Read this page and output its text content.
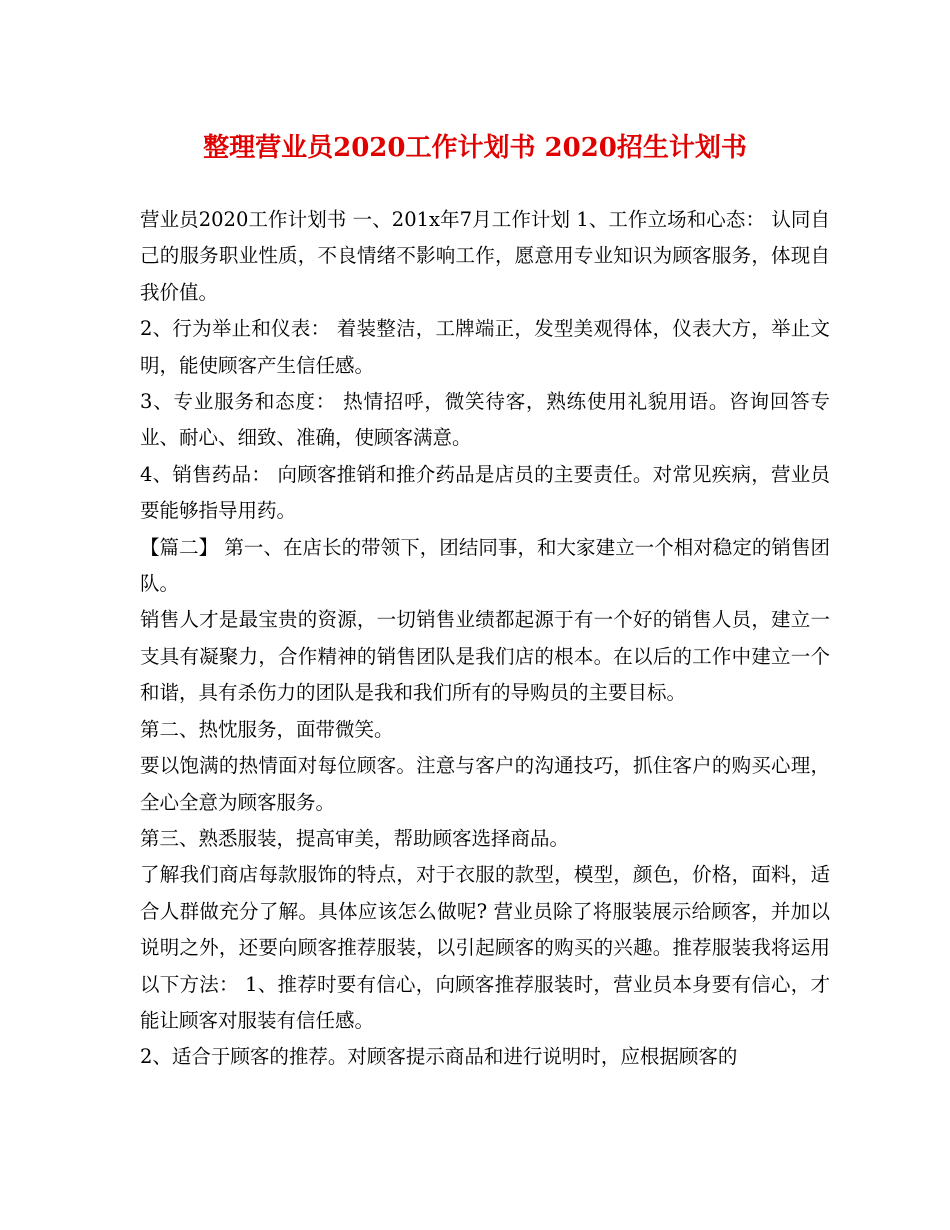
整理营业员2020工作计划书 2020招生计划书

营业员2020工作计划书 一、201x年7月工作计划 1、工作立场和心态： 认同自己的服务职业性质，不良情绪不影响工作，愿意用专业知识为顾客服务，体现自我价值。

2、行为举止和仪表： 着装整洁，工牌端正，发型美观得体，仪表大方，举止文明，能使顾客产生信任感。

3、专业服务和态度： 热情招呼，微笑待客，熟练使用礼貌用语。咨询回答专业、耐心、细致、准确，使顾客满意。

4、销售药品： 向顾客推销和推介药品是店员的主要责任。对常见疾病，营业员要能够指导用药。

【篇二】 第一、在店长的带领下，团结同事，和大家建立一个相对稳定的销售团队。

销售人才是最宝贵的资源，一切销售业绩都起源于有一个好的销售人员，建立一支具有凝聚力，合作精神的销售团队是我们店的根本。在以后的工作中建立一个和谐，具有杀伤力的团队是我和我们所有的导购员的主要目标。

第二、热忱服务，面带微笑。

要以饱满的热情面对每位顾客。注意与客户的沟通技巧，抓住客户的购买心理，全心全意为顾客服务。

第三、熟悉服装，提高审美，帮助顾客选择商品。

了解我们商店每款服饰的特点，对于衣服的款型，模型，颜色，价格，面料，适合人群做充分了解。具体应该怎么做呢? 营业员除了将服装展示给顾客，并加以说明之外，还要向顾客推荐服装，以引起顾客的购买的兴趣。推荐服装我将运用以下方法： 1、推荐时要有信心，向顾客推荐服装时，营业员本身要有信心，才能让顾客对服装有信任感。

2、适合于顾客的推荐。对顾客提示商品和进行说明时，应根据顾客的
